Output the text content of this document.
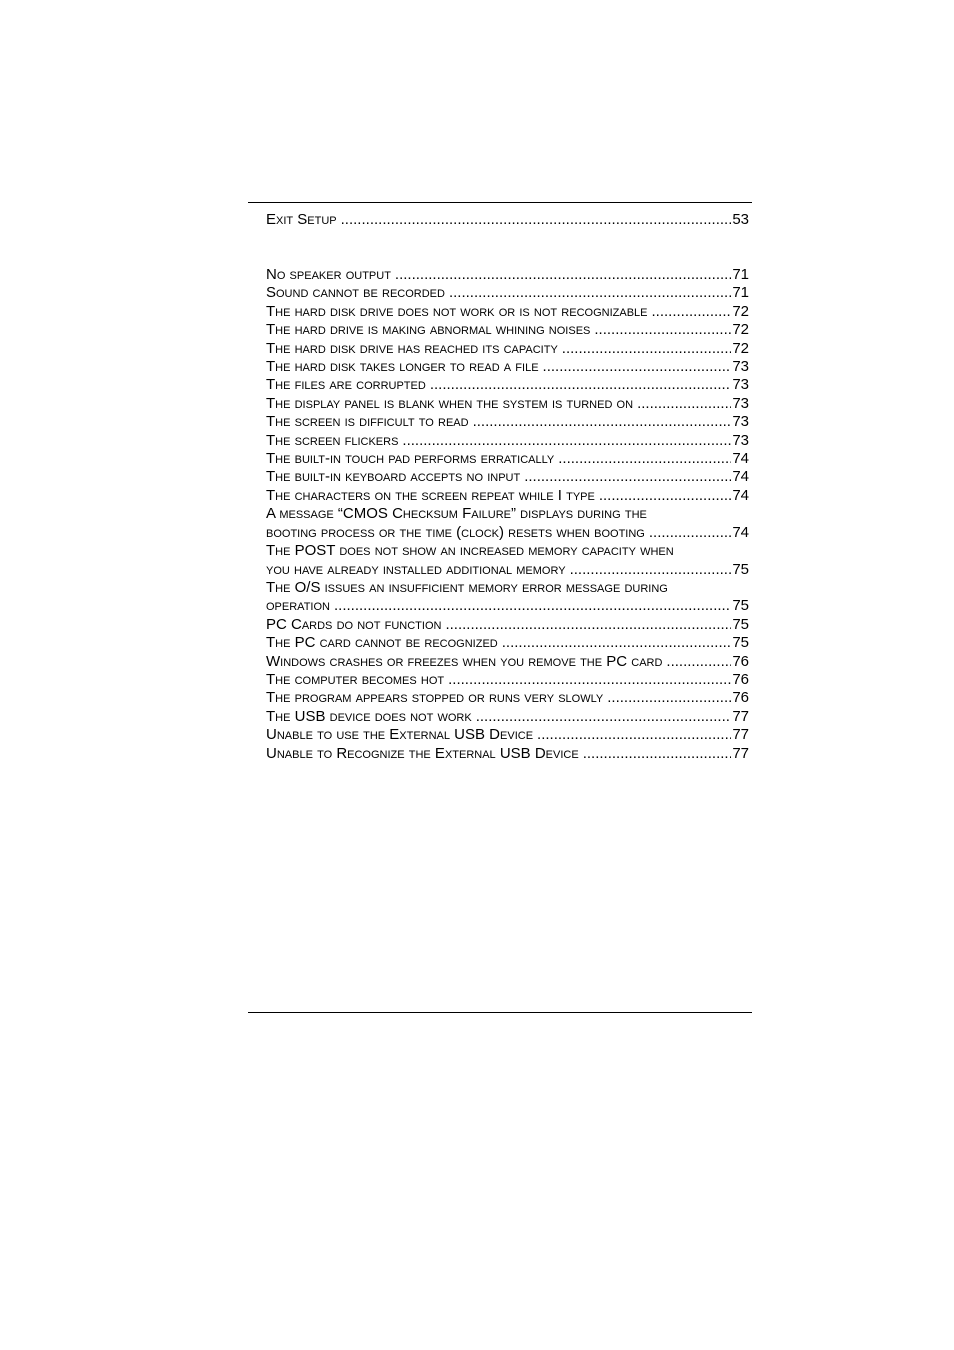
Exit Setup .....	53
No speaker output .....	71
Sound cannot be recorded .....	71
The hard disk drive does not work or is not recognizable .....	72
The hard drive is making abnormal whining noises .....	72
The hard disk drive has reached its capacity .....	72
The hard disk takes longer to read a file .....	73
The files are corrupted .....	73
The display panel is blank when the system is turned on .....	73
The screen is difficult to read .....	73
The screen flickers .....	73
The built-in touch pad performs erratically .....	74
The built-in keyboard accepts no input .....	74
The characters on the screen repeat while I type .....	74
A message “CMOS Checksum Failure” displays during the
booting process or the time (clock) resets when booting .....	74
The POST does not show an increased memory capacity when
you have already installed additional memory .....	75
The O/S issues an insufficient memory error message during
operation .....	75
PC Cards do not function .....	75
The PC card cannot be recognized .....	75
Windows crashes or freezes when you remove the PC card .....	76
The computer becomes hot .....	76
The program appears stopped or runs very slowly .....	76
The USB device does not work .....	77
Unable to use the External USB Device .....	77
Unable to Recognize the External USB Device .....	77
